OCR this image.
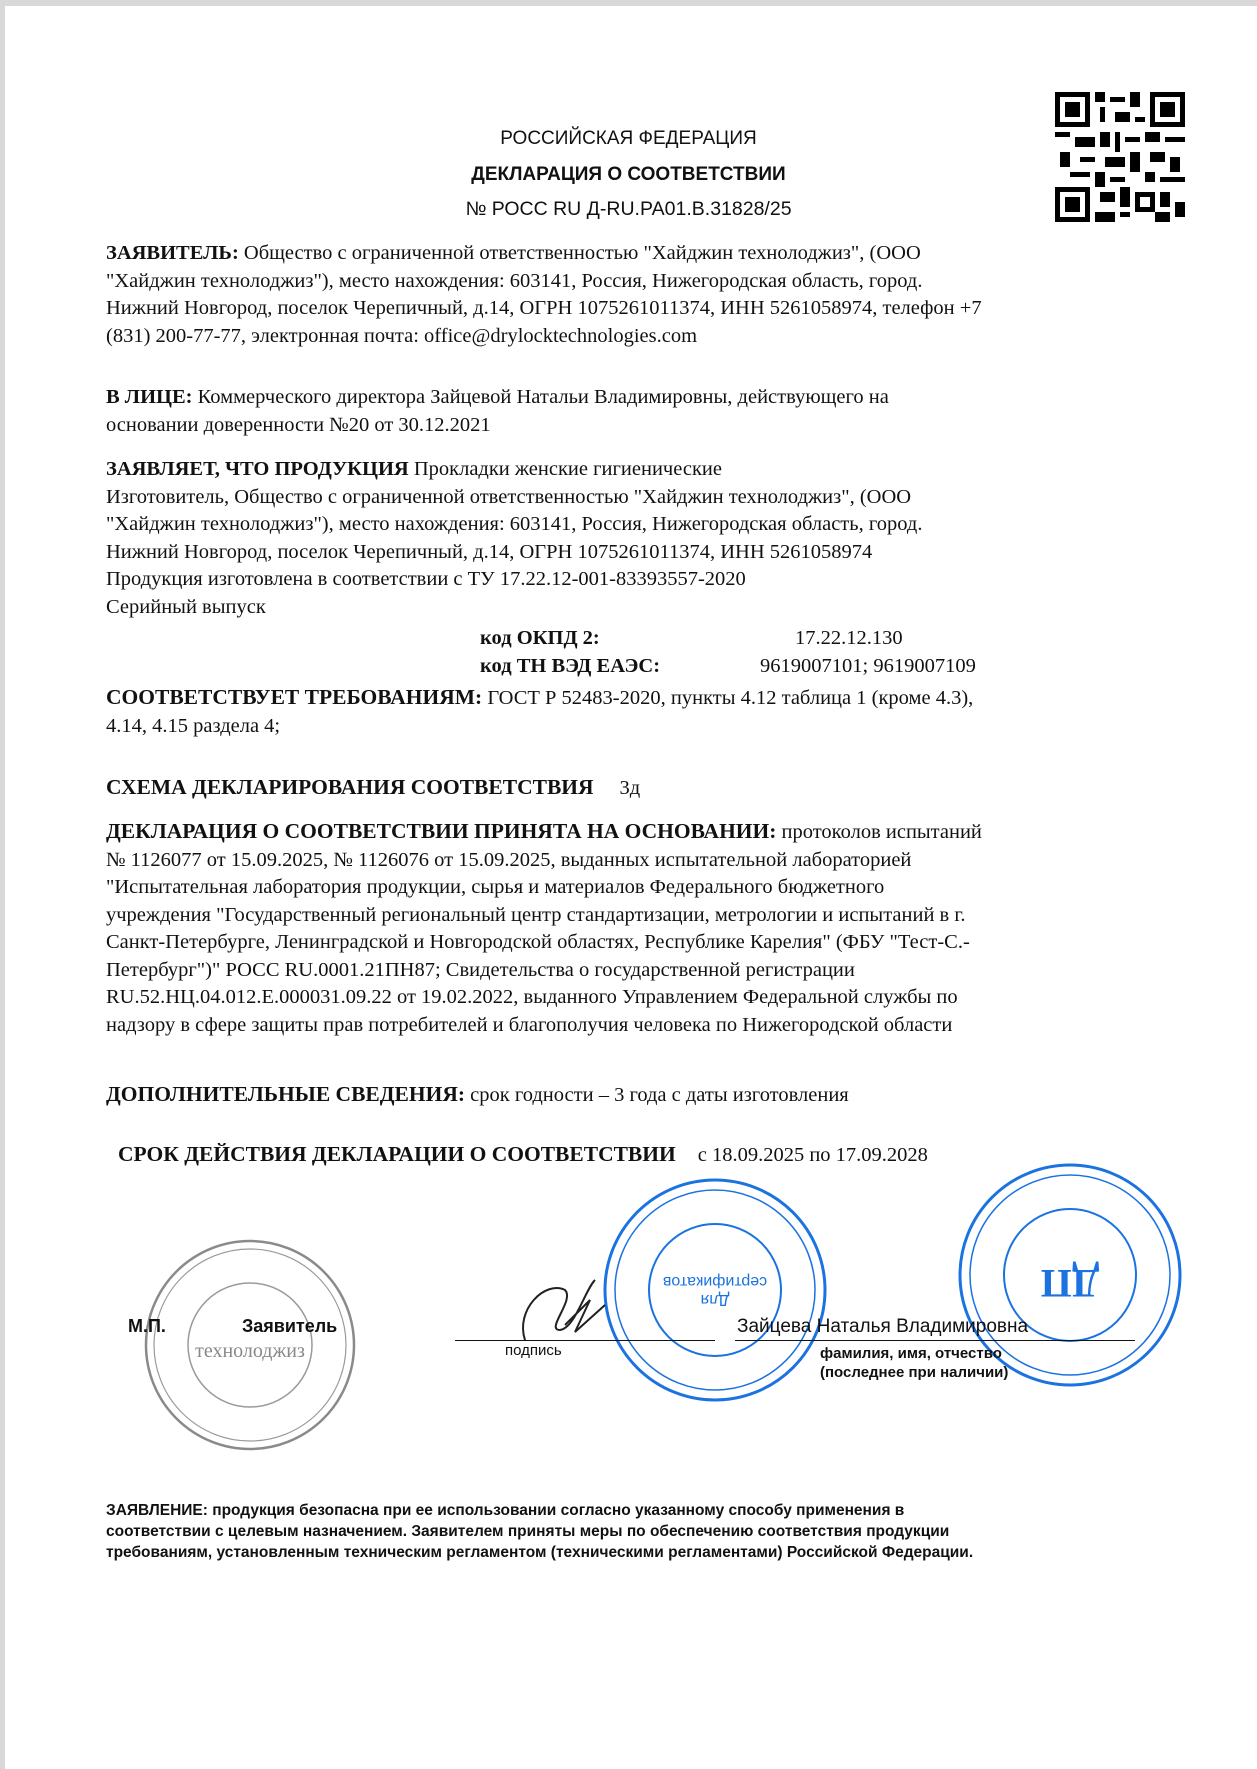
РОССИЙСКАЯ ФЕДЕРАЦИЯ
ДЕКЛАРАЦИЯ О СООТВЕТСТВИИ
№ РОСС RU Д-RU.РА01.В.31828/25
ЗАЯВИТЕЛЬ: Общество с ограниченной ответственностью "Хайджин технолоджиз", (ООО
"Хайджин технолоджиз"), место нахождения: 603141, Россия, Нижегородская область, город.
Нижний Новгород, поселок Черепичный, д.14, ОГРН 1075261011374, ИНН 5261058974, телефон +7
(831) 200-77-77, электронная почта: office@drylocktechnologies.com
В ЛИЦЕ: Коммерческого директора Зайцевой Натальи Владимировны, действующего на
основании доверенности №20 от 30.12.2021
ЗАЯВЛЯЕТ, ЧТО ПРОДУКЦИЯ Прокладки женские гигиенические
Изготовитель, Общество с ограниченной ответственностью "Хайджин технолоджиз", (ООО
"Хайджин технолоджиз"), место нахождения: 603141, Россия, Нижегородская область, город.
Нижний Новгород, поселок Черепичный, д.14, ОГРН 1075261011374, ИНН 5261058974
Продукция изготовлена в соответствии с ТУ 17.22.12-001-83393557-2020
Серийный выпуск
код ОКПД 2:	17.22.12.130
код ТН ВЭД ЕАЭС:	9619007101; 9619007109
СООТВЕТСТВУЕТ ТРЕБОВАНИЯМ: ГОСТ Р 52483-2020, пункты 4.12 таблица 1 (кроме 4.3),
4.14, 4.15 раздела 4;
СХЕМА ДЕКЛАРИРОВАНИЯ СООТВЕТСТВИЯ 3д
ДЕКЛАРАЦИЯ О СООТВЕТСТВИИ ПРИНЯТА НА ОСНОВАНИИ: протоколов испытаний
№ 1126077 от 15.09.2025, № 1126076 от 15.09.2025, выданных испытательной лабораторией
"Испытательная лаборатория продукции, сырья и материалов Федерального бюджетного
учреждения "Государственный региональный центр стандартизации, метрологии и испытаний в г.
Санкт-Петербурге, Ленинградской и Новгородской областях, Республике Карелия" (ФБУ "Тест-С.-
Петербург")" РОСС RU.0001.21ПН87; Свидетельства о государственной регистрации
RU.52.НЦ.04.012.Е.000031.09.22 от 19.02.2022, выданного Управлением Федеральной службы по
надзору в сфере защиты прав потребителей и благополучия человека по Нижегородской области
ДОПОЛНИТЕЛЬНЫЕ СВЕДЕНИЯ: срок годности – 3 года с даты изготовления
СРОК ДЕЙСТВИЯ ДЕКЛАРАЦИИ О СООТВЕТСТВИИ с 18.09.2025 по 17.09.2028
технолоджиз
Для
сертификатов	ДП
М.П.	Заявитель
подпись
Зайцева Наталья Владимировна
фамилия, имя, отчество
(последнее при наличии)
ЗАЯВЛЕНИЕ: продукция безопасна при ее использовании согласно указанному способу применения в
соответствии с целевым назначением. Заявителем приняты меры по обеспечению соответствия продукции
требованиям, установленным техническим регламентом (техническими регламентами) Российской Федерации.
